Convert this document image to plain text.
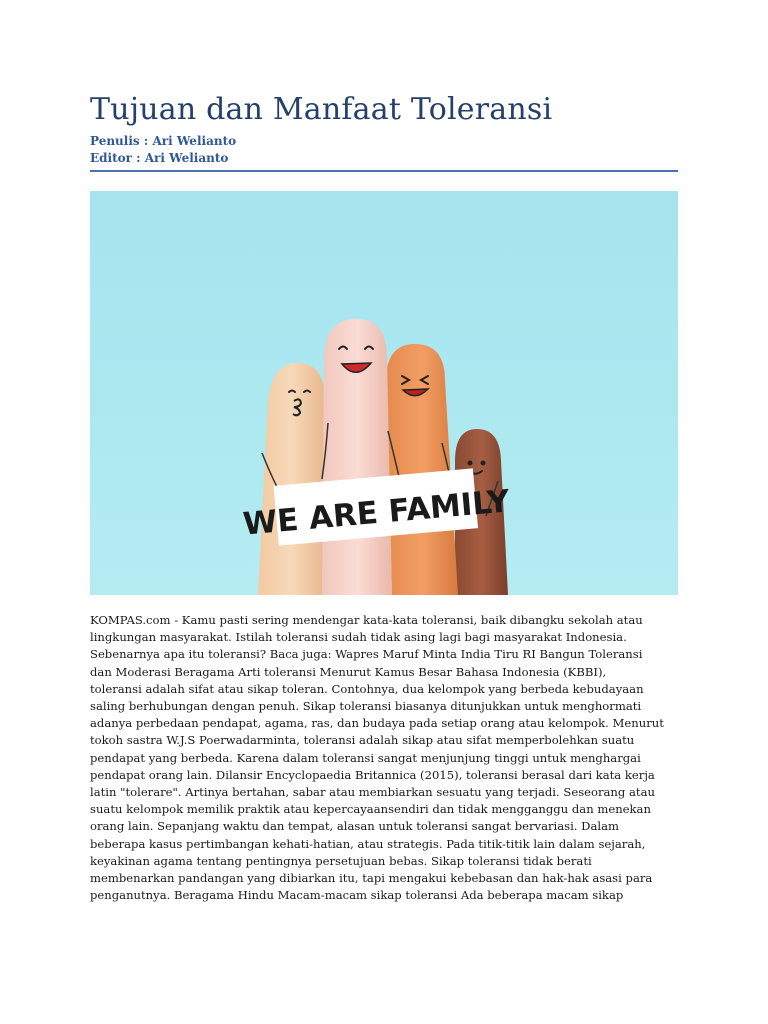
Tujuan dan Manfaat Toleransi
Penulis : Ari Welianto
Editor : Ari Welianto
WE ARE FAMILY
KOMPAS.com - Kamu pasti sering mendengar kata-kata toleransi, baik dibangku sekolah atau
lingkungan masyarakat. Istilah toleransi sudah tidak asing lagi bagi masyarakat Indonesia.
Sebenarnya apa itu toleransi? Baca juga: Wapres Maruf Minta India Tiru RI Bangun Toleransi
dan Moderasi Beragama Arti toleransi Menurut Kamus Besar Bahasa Indonesia (KBBI),
toleransi adalah sifat atau sikap toleran. Contohnya, dua kelompok yang berbeda kebudayaan
saling berhubungan dengan penuh. Sikap toleransi biasanya ditunjukkan untuk menghormati
adanya perbedaan pendapat, agama, ras, dan budaya pada setiap orang atau kelompok. Menurut
tokoh sastra W.J.S Poerwadarminta, toleransi adalah sikap atau sifat memperbolehkan suatu
pendapat yang berbeda. Karena dalam toleransi sangat menjunjung tinggi untuk menghargai
pendapat orang lain. Dilansir Encyclopaedia Britannica (2015), toleransi berasal dari kata kerja
latin "tolerare". Artinya bertahan, sabar atau membiarkan sesuatu yang terjadi. Seseorang atau
suatu kelompok memilik praktik atau kepercayaansendiri dan tidak mengganggu dan menekan
orang lain. Sepanjang waktu dan tempat, alasan untuk toleransi sangat bervariasi. Dalam
beberapa kasus pertimbangan kehati-hatian, atau strategis. Pada titik-titik lain dalam sejarah,
keyakinan agama tentang pentingnya persetujuan bebas. Sikap toleransi tidak berati
membenarkan pandangan yang dibiarkan itu, tapi mengakui kebebasan dan hak-hak asasi para
penganutnya. Beragama Hindu Macam-macam sikap toleransi Ada beberapa macam sikap
